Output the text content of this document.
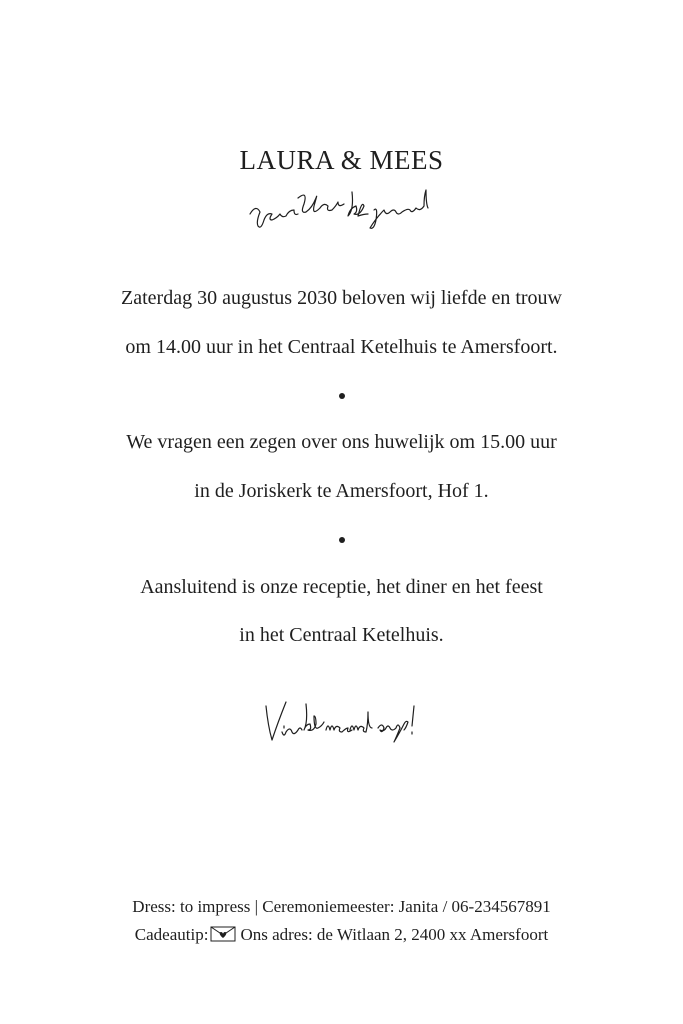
LAURA & MEES
Zaterdag 30 augustus 2030 beloven wij liefde en trouw
om 14.00 uur in het Centraal Ketelhuis te Amersfoort.
We vragen een zegen over ons huwelijk om 15.00 uur
in de Joriskerk te Amersfoort, Hof 1.
Aansluitend is onze receptie, het diner en het feest
in het Centraal Ketelhuis.
Dress: to impress | Ceremoniemeester: Janita / 06-234567891
Cadeautip: Ons adres: de Witlaan 2, 2400 xx Amersfoort
